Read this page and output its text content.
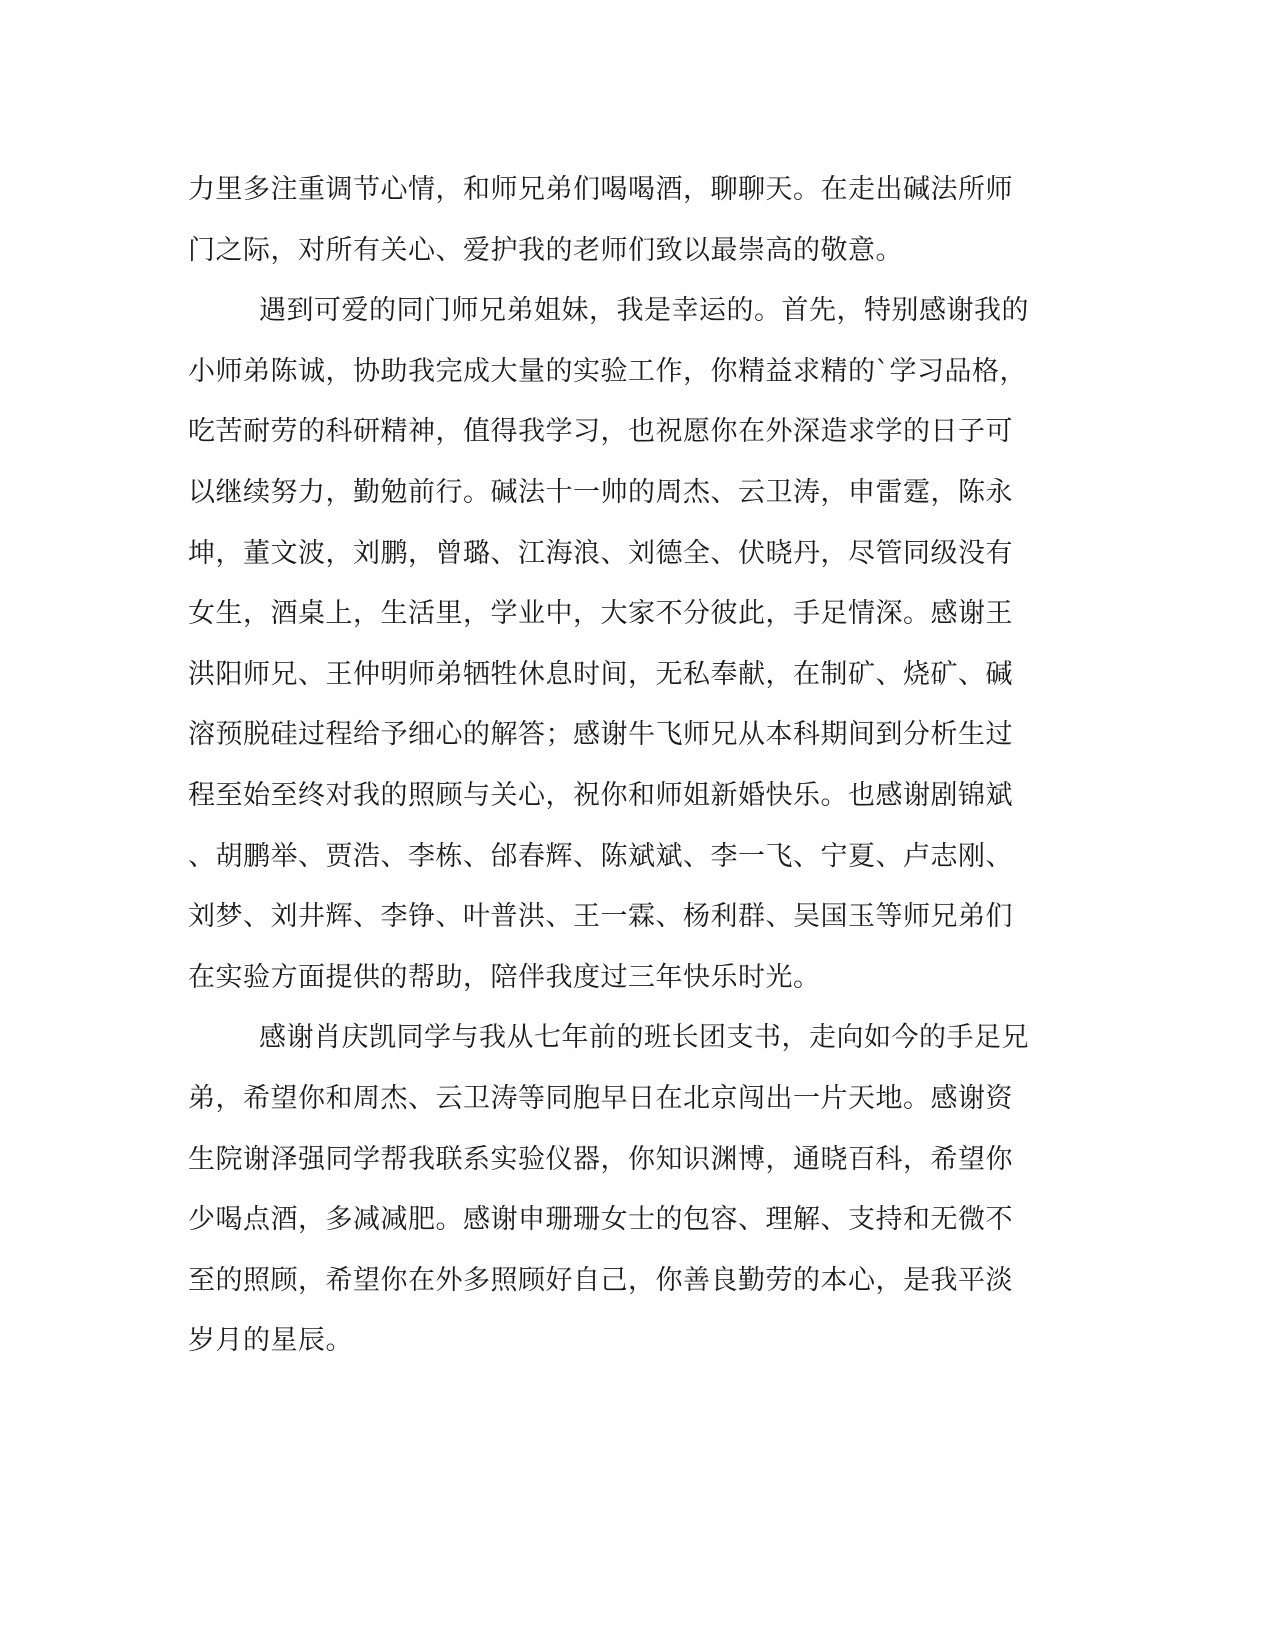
力里多注重调节心情，和师兄弟们喝喝酒，聊聊天。在走出碱法所师
门之际，对所有关心、爱护我的老师们致以最崇高的敬意。
遇到可爱的同门师兄弟姐妹，我是幸运的。首先，特别感谢我的
小师弟陈诚，协助我完成大量的实验工作，你精益求精的`学习品格，
吃苦耐劳的科研精神，值得我学习，也祝愿你在外深造求学的日子可
以继续努力，勤勉前行。碱法十一帅的周杰、云卫涛，申雷霆，陈永
坤，董文波，刘鹏，曾璐、江海浪、刘德全、伏晓丹，尽管同级没有
女生，酒桌上，生活里，学业中，大家不分彼此，手足情深。感谢王
洪阳师兄、王仲明师弟牺牲休息时间，无私奉献，在制矿、烧矿、碱
溶预脱硅过程给予细心的解答；感谢牛飞师兄从本科期间到分析生过
程至始至终对我的照顾与关心，祝你和师姐新婚快乐。也感谢剧锦斌
、胡鹏举、贾浩、李栋、邰春辉、陈斌斌、李一飞、宁夏、卢志刚、
刘梦、刘井辉、李铮、叶普洪、王一霖、杨利群、吴国玉等师兄弟们
在实验方面提供的帮助，陪伴我度过三年快乐时光。
感谢肖庆凯同学与我从七年前的班长团支书，走向如今的手足兄
弟，希望你和周杰、云卫涛等同胞早日在北京闯出一片天地。感谢资
生院谢泽强同学帮我联系实验仪器，你知识渊博，通晓百科，希望你
少喝点酒，多减减肥。感谢申珊珊女士的包容、理解、支持和无微不
至的照顾，希望你在外多照顾好自己，你善良勤劳的本心，是我平淡
岁月的星辰。
